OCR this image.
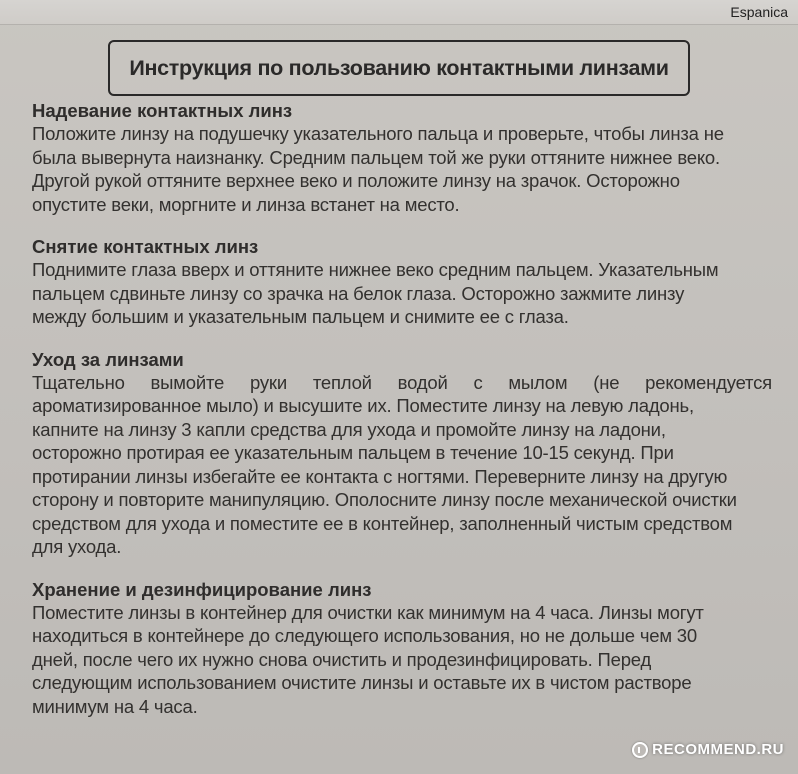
Espanica
Инструкция по пользованию контактными линзами
Надевание контактных линз
Положите линзу на подушечку указательного пальца и проверьте, чтобы линза не
была вывернута наизнанку. Средним пальцем той же руки оттяните нижнее веко.
Другой рукой оттяните верхнее веко и положите линзу на зрачок. Осторожно
опустите веки, моргните и линза встанет на место.
Снятие контактных линз
Поднимите глаза вверх и оттяните нижнее веко средним пальцем. Указательным
пальцем сдвиньте линзу со зрачка на белок глаза. Осторожно зажмите линзу
между большим и указательным пальцем и снимите ее с глаза.
Уход за линзами
Тщательно вымойте руки теплой водой с мылом (не рекомендуется
ароматизированное мыло) и высушите их. Поместите линзу на левую ладонь,
капните на линзу 3 капли средства для ухода и промойте линзу на ладони,
осторожно протирая ее указательным пальцем в течение 10-15 секунд. При
протирании линзы избегайте ее контакта с ногтями. Переверните линзу на другую
сторону и повторите манипуляцию. Ополосните линзу после механической очистки
средством для ухода и поместите ее в контейнер, заполненный чистым средством
для ухода.
Хранение и дезинфицирование линз
Поместите линзы в контейнер для очистки как минимум на 4 часа. Линзы могут
находиться в контейнере до следующего использования, но не дольше чем 30
дней, после чего их нужно снова очистить и продезинфицировать. Перед
следующим использованием очистите линзы и оставьте их в чистом растворе
минимум на 4 часа.
RECOMMEND.RU
